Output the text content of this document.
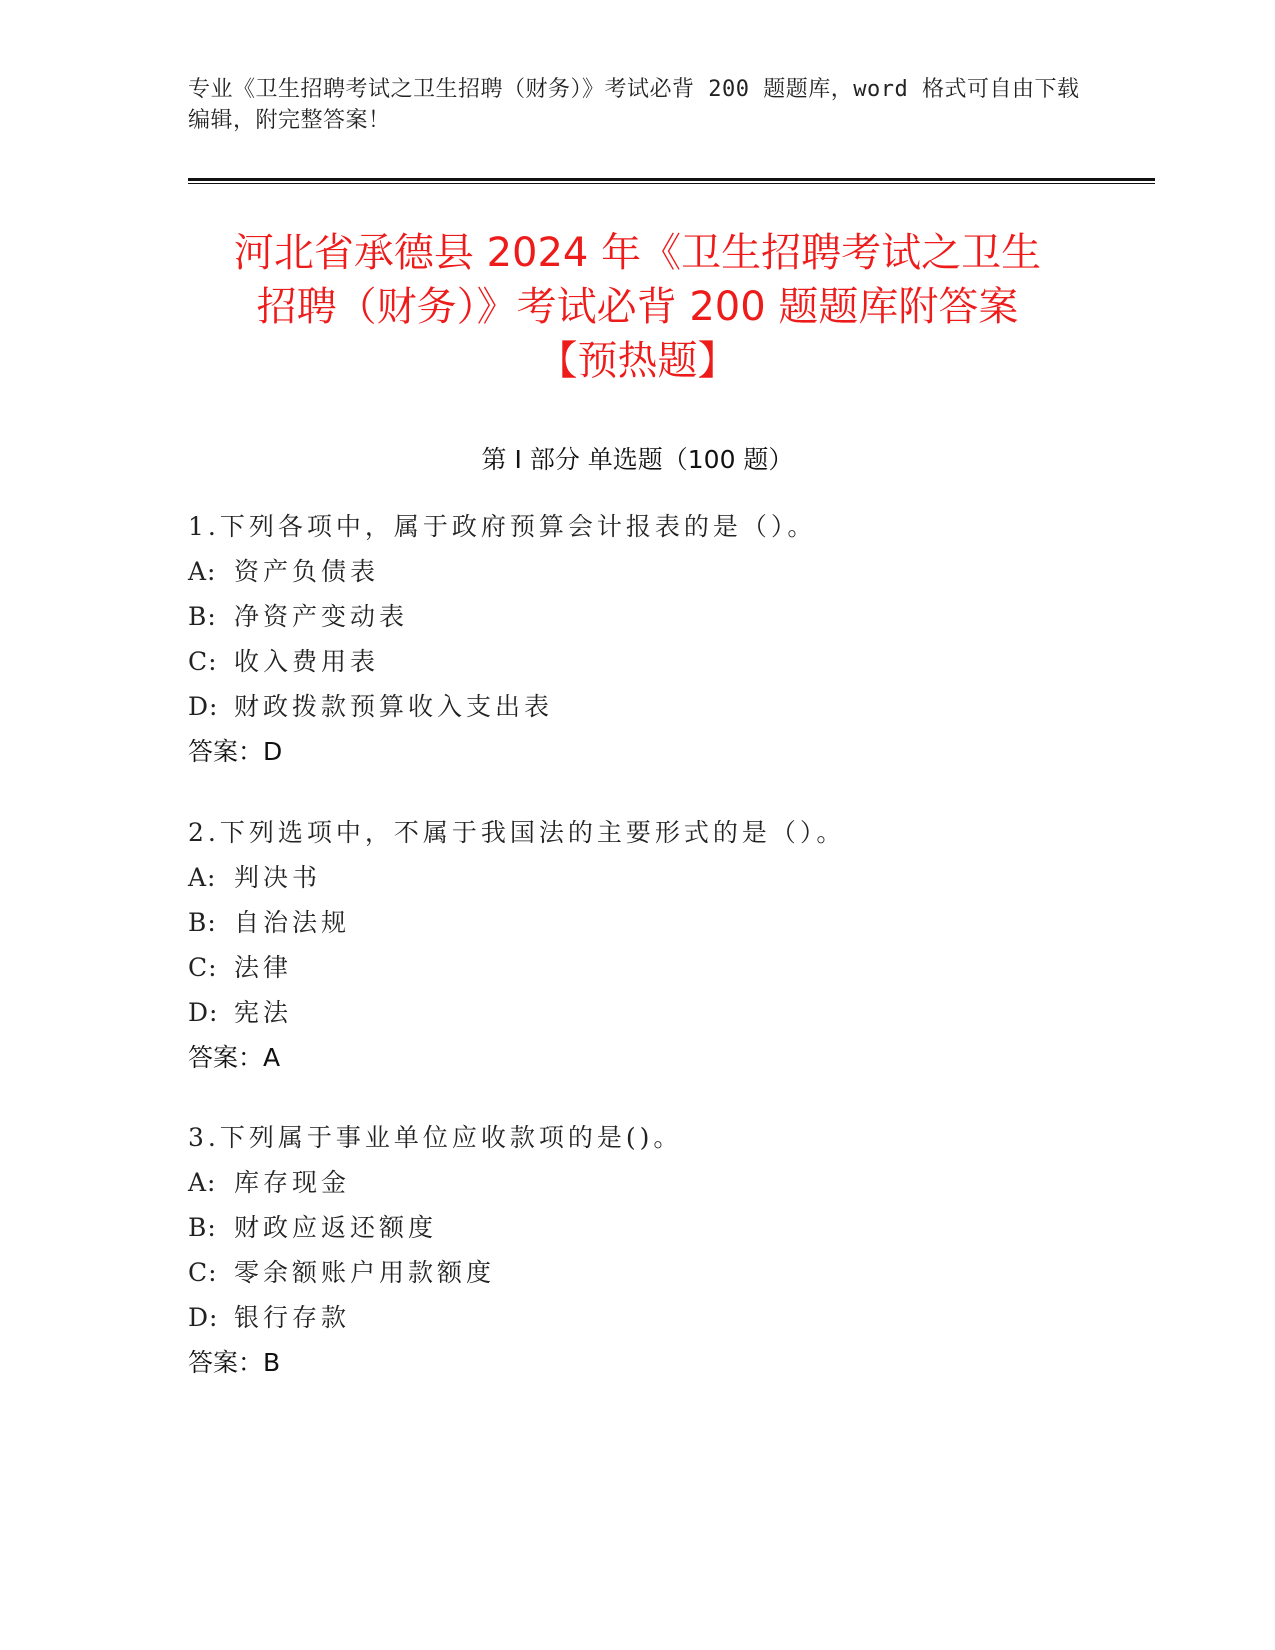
专业《卫生招聘考试之卫生招聘（财务）》考试必背 200 题题库，word 格式可自由下载编辑，附完整答案！
河北省承德县 2024 年《卫生招聘考试之卫生
招聘（财务）》考试必背 200 题题库附答案
【预热题】
第 I 部分 单选题（100 题）
1.下列各项中，属于政府预算会计报表的是（）。
A: 资产负债表
B: 净资产变动表
C: 收入费用表
D: 财政拨款预算收入支出表
答案：D
2.下列选项中，不属于我国法的主要形式的是（）。
A: 判决书
B: 自治法规
C: 法律
D: 宪法
答案：A
3.下列属于事业单位应收款项的是()。
A: 库存现金
B: 财政应返还额度
C: 零余额账户用款额度
D: 银行存款
答案：B
